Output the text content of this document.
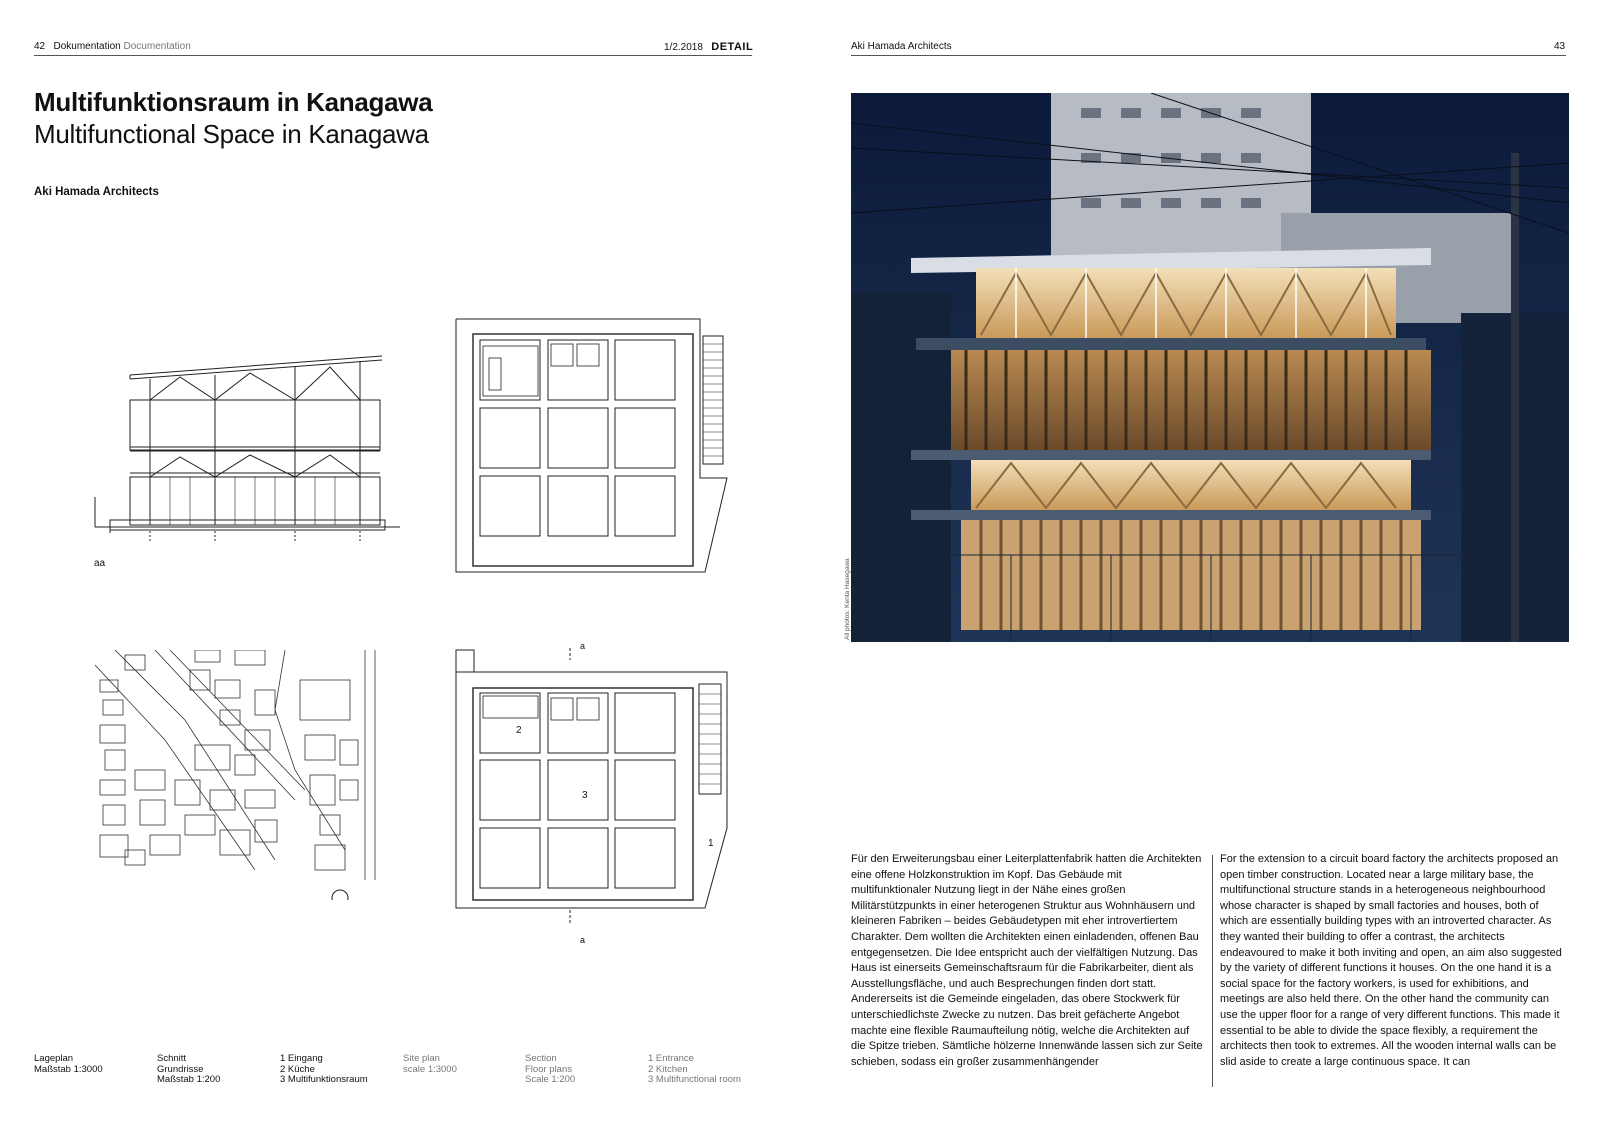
42 Dokumentation Documentation	1/2.2018 DETAIL	Aki Hamada Architects	43
Multifunktionsraum in Kanagawa
Multifunctional Space in Kanagawa
Aki Hamada Architects
aa
a
a
2
3
1
Lageplan
Maßstab 1:3000
Schnitt
Grundrisse
Maßstab 1:200
1 Eingang
2 Küche
3 Multifunktionsraum
Site plan
scale 1:3000
Section
Floor plans
Scale 1:200
1 Entrance
2 Kitchen
3 Multifunctional room
All photos: Kenta Hasegawa

Für den Erweiterungsbau einer Leiterplattenfabrik hatten die Architekten eine offene Holzkonstruktion im Kopf. Das Gebäude mit multifunktionaler Nutzung liegt in der Nähe eines großen Militärstützpunkts in einer heterogenen Struktur aus Wohnhäusern und kleineren Fabriken – beides Gebäudetypen mit eher introvertiertem Charakter. Dem wollten die Architekten einen einladenden, offenen Bau entgegensetzen. Die Idee entspricht auch der vielfältigen Nutzung. Das Haus ist einerseits Gemeinschaftsraum für die Fabrikarbeiter, dient als Ausstellungsfläche, und auch Besprechungen finden dort statt. Andererseits ist die Gemeinde eingeladen, das obere Stockwerk für unterschiedlichste Zwecke zu nutzen. Das breit gefächerte Angebot machte eine flexible Raumaufteilung nötig, welche die Architekten auf die Spitze trieben. Sämtliche hölzerne Innenwände lassen sich zur Seite schieben, sodass ein großer zusammenhängender

For the extension to a circuit board factory the architects proposed an open timber construction. Located near a large military base, the multifunctional structure stands in a heterogeneous neighbourhood whose character is shaped by small factories and houses, both of which are essentially building types with an introverted character. As they wanted their building to offer a contrast, the architects endeavoured to make it both inviting and open, an aim also suggested by the variety of different functions it houses. On the one hand it is a social space for the factory workers, is used for exhibitions, and meetings are also held there. On the other hand the community can use the upper floor for a range of very different functions. This made it essential to be able to divide the space flexibly, a requirement the architects then took to extremes. All the wooden internal walls can be slid aside to create a large continuous space. It can
